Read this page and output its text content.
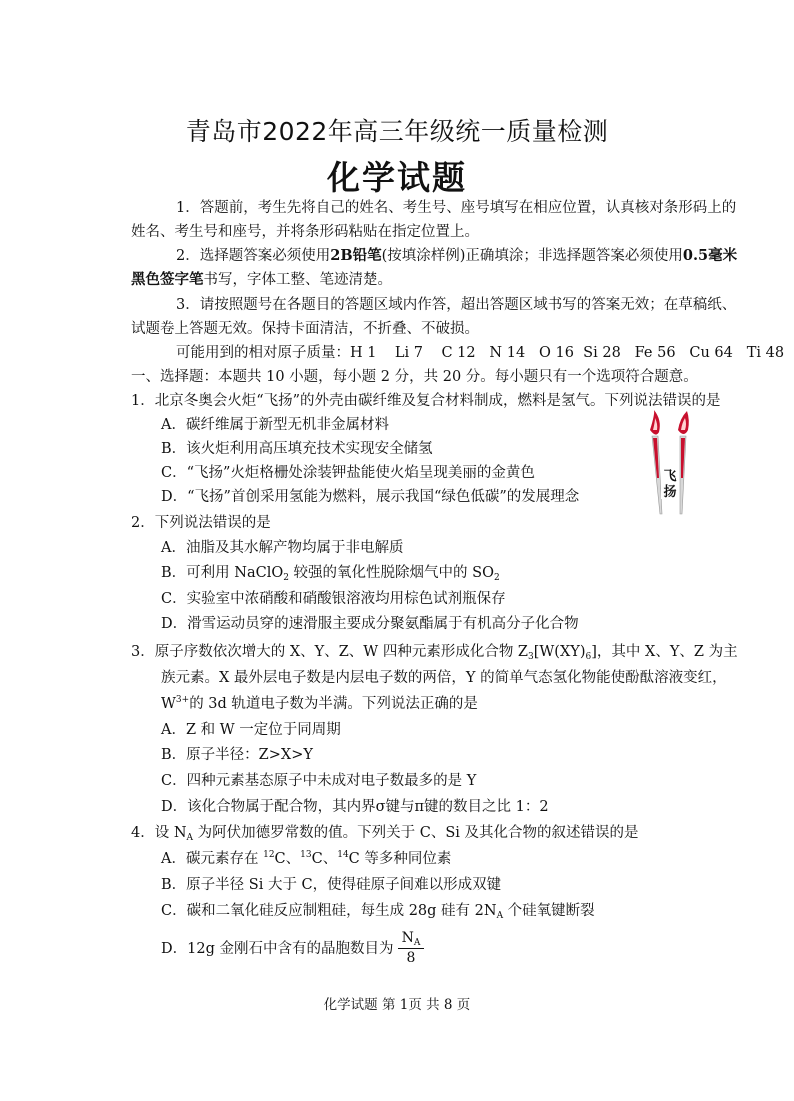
青岛市2022年高三年级统一质量检测
化学试题
1．答题前，考生先将自己的姓名、考生号、座号填写在相应位置，认真核对条形码上的
姓名、考生号和座号，并将条形码粘贴在指定位置上。
2．选择题答案必须使用2B铅笔(按填涂样例)正确填涂；非选择题答案必须使用0.5毫米
黑色签字笔书写，字体工整、笔迹清楚。
3．请按照题号在各题目的答题区域内作答，超出答题区域书写的答案无效；在草稿纸、
试题卷上答题无效。保持卡面清洁，不折叠、不破损。
可能用到的相对原子质量：H 1    Li 7    C 12   N 14   O 16  Si 28   Fe 56   Cu 64   Ti 48
一、选择题：本题共 10 小题，每小题 2 分，共 20 分。每小题只有一个选项符合题意。
1．北京冬奥会火炬“飞扬”的外壳由碳纤维及复合材料制成，燃料是氢气。下列说法错误的是
A．碳纤维属于新型无机非金属材料
B．该火炬利用高压填充技术实现安全储氢
C．“飞扬”火炬格栅处涂装钾盐能使火焰呈现美丽的金黄色
D．“飞扬”首创采用氢能为燃料，展示我国“绿色低碳”的发展理念
飞
扬
2．下列说法错误的是
A．油脂及其水解产物均属于非电解质
B．可利用 NaClO$_2$ 较强的氧化性脱除烟气中的 $SO_2$
C．实验室中浓硝酸和硝酸银溶液均用棕色试剂瓶保存
D．滑雪运动员穿的速滑服主要成分聚氨酯属于有机高分子化合物
3．原子序数依次增大的 X、Y、Z、W 四种元素形成化合物 $Z_3[W(XY)_6]$，其中 X、Y、Z 为主
族元素。X 最外层电子数是内层电子数的两倍，Y 的简单气态氢化物能使酚酞溶液变红，
$W^{3+}$的 3d 轨道电子数为半满。下列说法正确的是
A．Z 和 W 一定位于同周期
B．原子半径：Z>X>Y
C．四种元素基态原子中未成对电子数最多的是 Y
D．该化合物属于配合物，其内界σ键与π键的数目之比 1：2
4．设 $N_A$ 为阿伏加德罗常数的值。下列关于 C、Si 及其化合物的叙述错误的是
A．碳元素存在 $^{12}$C、$^{13}$C、$^{14}$C 等多种同位素
B．原子半径 Si 大于 C，使得硅原子间难以形成双键
C．碳和二氧化硅反应制粗硅，每生成 28g 硅有 $2N_A$ 个硅氧键断裂
D．12g 金刚石中含有的晶胞数目为 $\frac{N_A}{8}$
化学试题 第 1页 共 8 页
